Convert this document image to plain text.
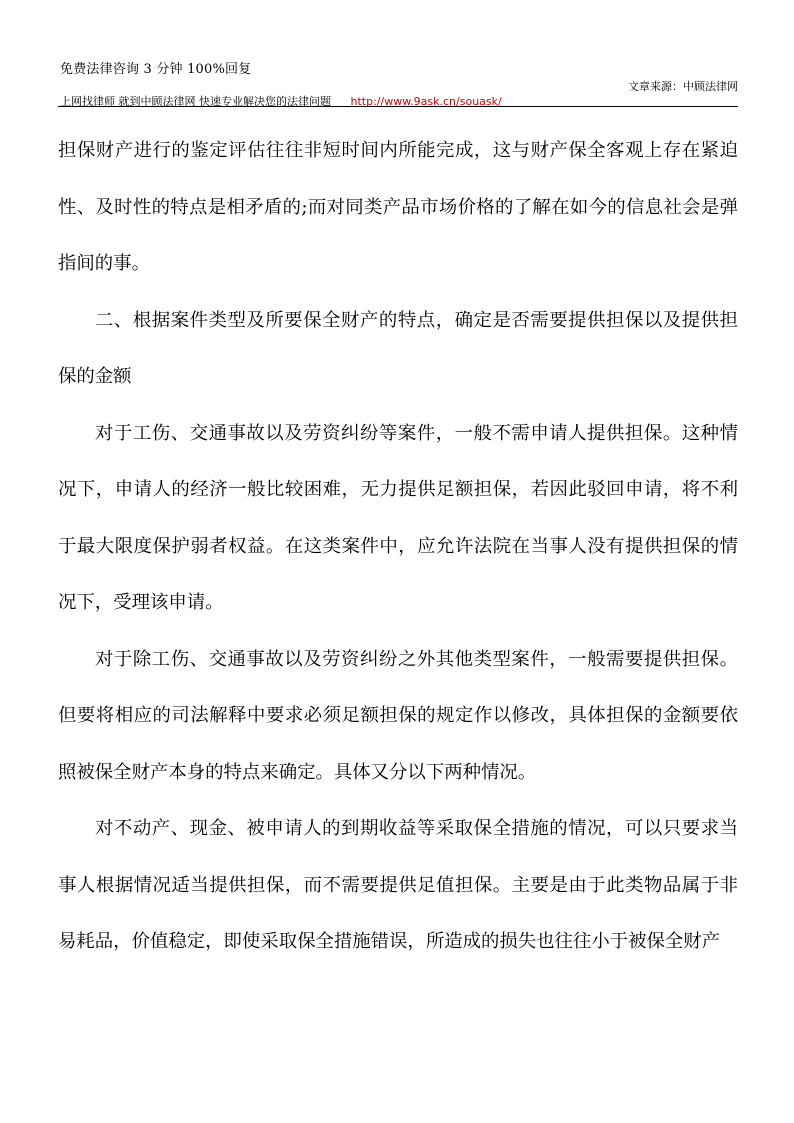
免费法律咨询 3 分钟 100%回复
文章来源：中顾法律网
上网找律师 就到中顾法律网 快速专业解决您的法律问题 http://www.9ask.cn/souask/

担保财产进行的鉴定评估往往非短时间内所能完成，这与财产保全客观上存在紧迫性、及时性的特点是相矛盾的;而对同类产品市场价格的了解在如今的信息社会是弹指间的事。

二、根据案件类型及所要保全财产的特点，确定是否需要提供担保以及提供担保的金额

对于工伤、交通事故以及劳资纠纷等案件，一般不需申请人提供担保。这种情况下，申请人的经济一般比较困难，无力提供足额担保，若因此驳回申请，将不利于最大限度保护弱者权益。在这类案件中，应允许法院在当事人没有提供担保的情况下，受理该申请。

对于除工伤、交通事故以及劳资纠纷之外其他类型案件，一般需要提供担保。但要将相应的司法解释中要求必须足额担保的规定作以修改，具体担保的金额要依照被保全财产本身的特点来确定。具体又分以下两种情况。

对不动产、现金、被申请人的到期收益等采取保全措施的情况，可以只要求当事人根据情况适当提供担保，而不需要提供足值担保。主要是由于此类物品属于非易耗品，价值稳定，即使采取保全措施错误，所造成的损失也往往小于被保全财产
